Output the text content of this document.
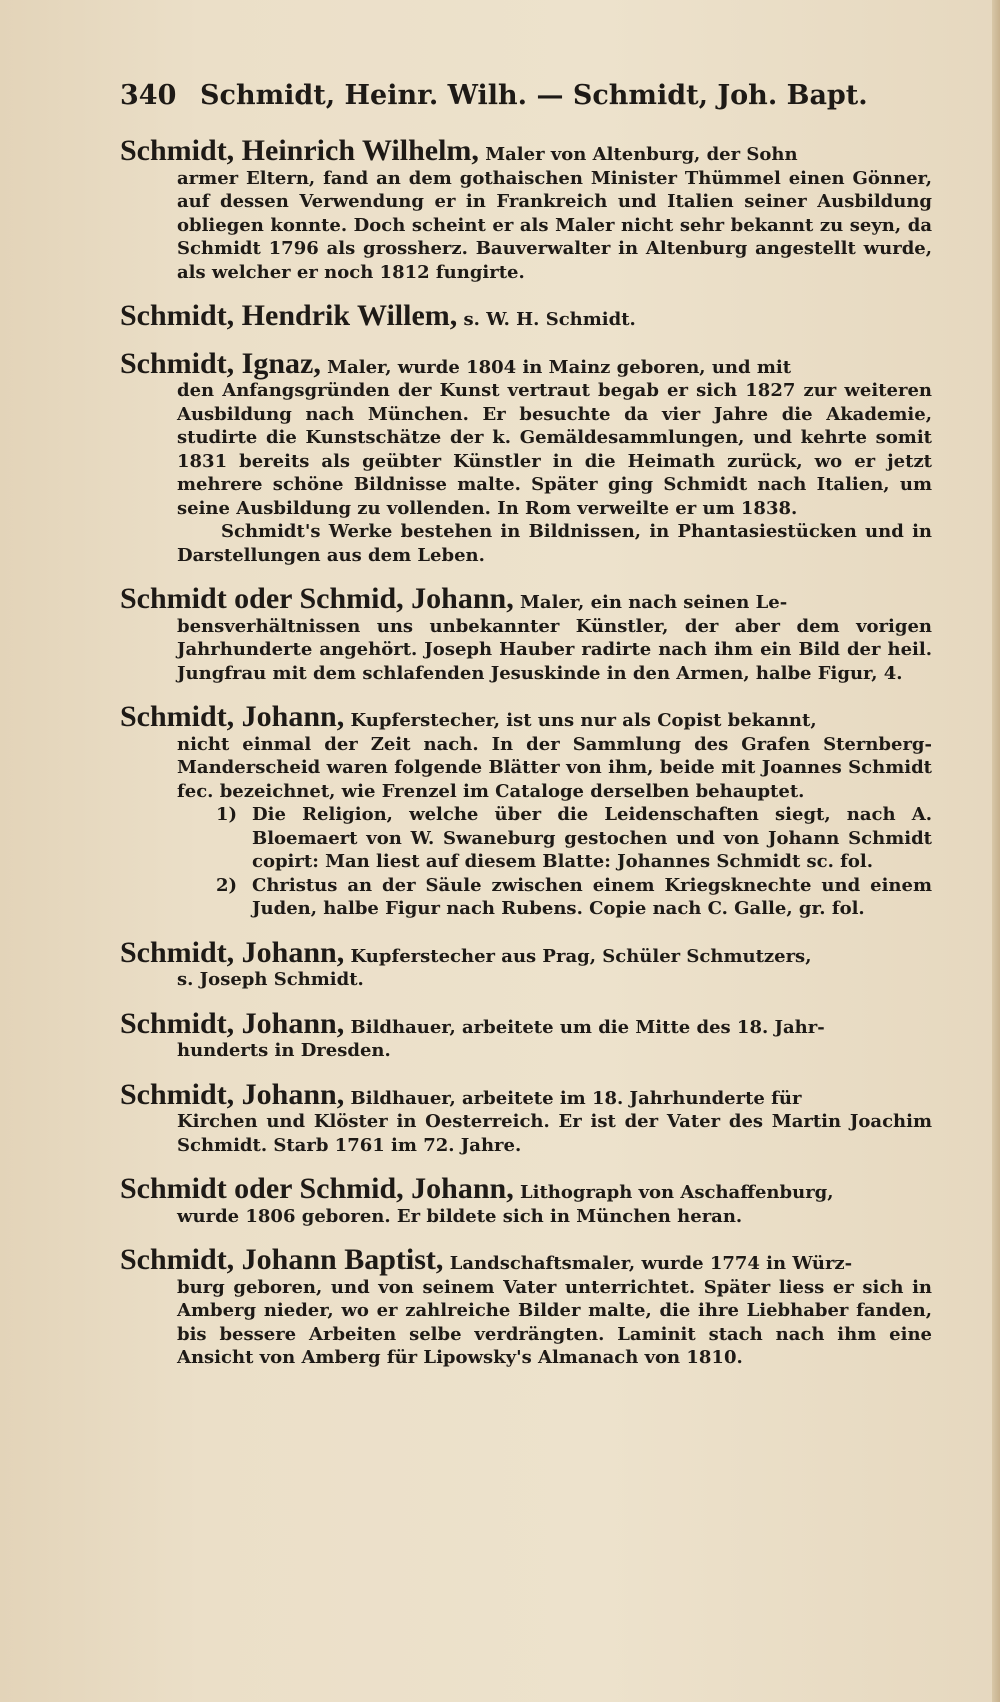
340 Schmidt, Heinr. Wilh. — Schmidt, Joh. Bapt.

Schmidt, Heinrich Wilhelm, Maler von Altenburg, der Sohn

armer Eltern, fand an dem gothaischen Minister Thümmel einen Gönner, auf dessen Verwendung er in Frankreich und Italien seiner Ausbildung obliegen konnte. Doch scheint er als Maler nicht sehr bekannt zu seyn, da Schmidt 1796 als grossherz. Bauverwalter in Altenburg angestellt wurde, als welcher er noch 1812 fungirte.

Schmidt, Hendrik Willem, s. W. H. Schmidt.

Schmidt, Ignaz, Maler, wurde 1804 in Mainz geboren, und mit

den Anfangsgründen der Kunst vertraut begab er sich 1827 zur weiteren Ausbildung nach München. Er besuchte da vier Jahre die Akademie, studirte die Kunstschätze der k. Gemäldesammlungen, und kehrte somit 1831 bereits als geübter Künstler in die Heimath zurück, wo er jetzt mehrere schöne Bildnisse malte. Später ging Schmidt nach Italien, um seine Ausbildung zu vollenden. In Rom verweilte er um 1838.

Schmidt's Werke bestehen in Bildnissen, in Phantasiestücken und in Darstellungen aus dem Leben.

Schmidt oder Schmid, Johann, Maler, ein nach seinen Le-

bensverhältnissen uns unbekannter Künstler, der aber dem vorigen Jahrhunderte angehört. Joseph Hauber radirte nach ihm ein Bild der heil. Jungfrau mit dem schlafenden Jesuskinde in den Armen, halbe Figur, 4.

Schmidt, Johann, Kupferstecher, ist uns nur als Copist bekannt,

nicht einmal der Zeit nach. In der Sammlung des Grafen Sternberg-Manderscheid waren folgende Blätter von ihm, beide mit Joannes Schmidt fec. bezeichnet, wie Frenzel im Cataloge derselben behauptet.

1) Die Religion, welche über die Leidenschaften siegt, nach A. Bloemaert von W. Swaneburg gestochen und von Johann Schmidt copirt: Man liest auf diesem Blatte: Johannes Schmidt sc. fol.
2) Christus an der Säule zwischen einem Kriegsknechte und einem Juden, halbe Figur nach Rubens. Copie nach C. Galle, gr. fol.

Schmidt, Johann, Kupferstecher aus Prag, Schüler Schmutzers,

s. Joseph Schmidt.

Schmidt, Johann, Bildhauer, arbeitete um die Mitte des 18. Jahr-

hunderts in Dresden.

Schmidt, Johann, Bildhauer, arbeitete im 18. Jahrhunderte für

Kirchen und Klöster in Oesterreich. Er ist der Vater des Martin Joachim Schmidt. Starb 1761 im 72. Jahre.

Schmidt oder Schmid, Johann, Lithograph von Aschaffenburg,

wurde 1806 geboren. Er bildete sich in München heran.

Schmidt, Johann Baptist, Landschaftsmaler, wurde 1774 in Würz-

burg geboren, und von seinem Vater unterrichtet. Später liess er sich in Amberg nieder, wo er zahlreiche Bilder malte, die ihre Liebhaber fanden, bis bessere Arbeiten selbe verdrängten. Laminit stach nach ihm eine Ansicht von Amberg für Lipowsky's Almanach von 1810.
